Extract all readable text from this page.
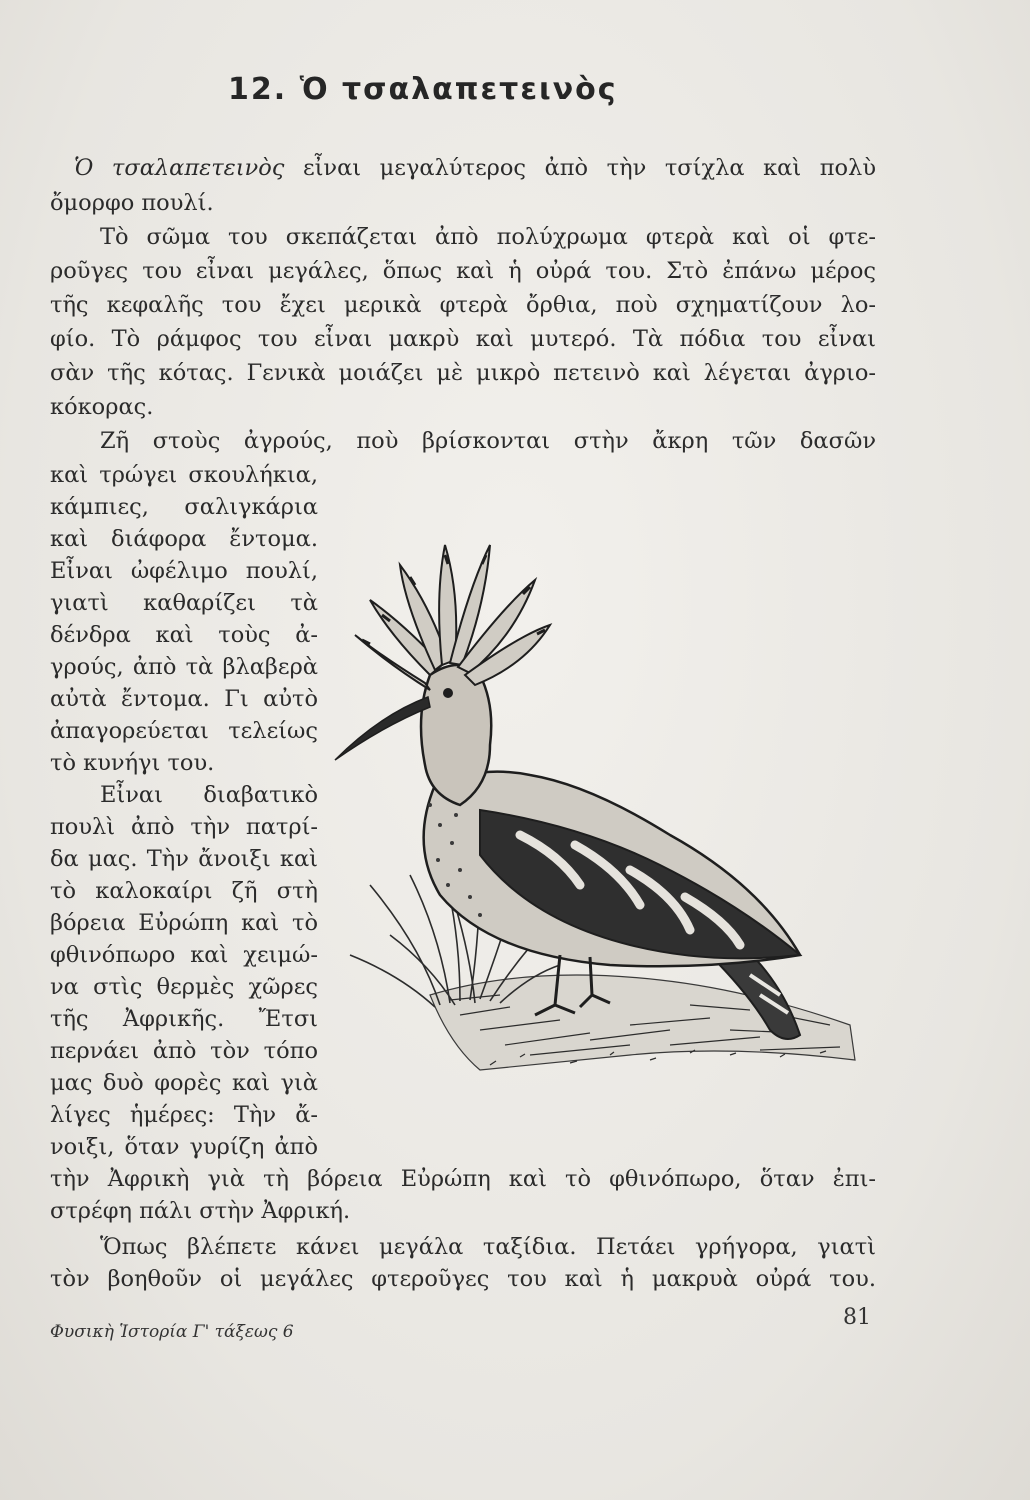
12. Ὁ τσαλαπετεινὸς
Ὁ τσαλαπετεινὸς εἶναι μεγαλύτερος ἀπὸ τὴν τσίχλα καὶ πολὺ
ὄμορφο πουλί.
Τὸ σῶμα του σκεπάζεται ἀπὸ πολύχρωμα φτερὰ καὶ οἱ φτε-
ροῦγες του εἶναι μεγάλες, ὅπως καὶ ἡ οὐρά του. Στὸ ἐπάνω μέρος
τῆς κεφαλῆς του ἔχει μερικὰ φτερὰ ὄρθια, ποὺ σχηματίζουν λο-
φίο. Τὸ ράμφος του εἶναι μακρὺ καὶ μυτερό. Τὰ πόδια του εἶναι
σὰν τῆς κότας. Γενικὰ μοιάζει μὲ μικρὸ πετεινὸ καὶ λέγεται ἀγριο-
κόκορας.
Ζῆ στοὺς ἀγρούς, ποὺ βρίσκονται στὴν ἄκρη τῶν δασῶν
καὶ τρώγει σκουλήκια,
κάμπιες, σαλιγκάρια
καὶ διάφορα ἔντομα.
Εἶναι ὠφέλιμο πουλί,
γιατὶ καθαρίζει τὰ
δένδρα καὶ τοὺς ἀ-
γρούς, ἀπὸ τὰ βλαβερὰ
αὐτὰ ἔντομα. Γι αὐτὸ
ἀπαγορεύεται τελείως
τὸ κυνήγι του.
Εἶναι διαβατικὸ
πουλὶ ἀπὸ τὴν πατρί-
δα μας. Τὴν ἄνοιξι καὶ
τὸ καλοκαίρι ζῆ στὴ
βόρεια Εὐρώπη καὶ τὸ
φθινόπωρο καὶ χειμώ-
να στὶς θερμὲς χῶρες
τῆς Ἀφρικῆς. Ἔτσι
περνάει ἀπὸ τὸν τόπο
μας δυὸ φορὲς καὶ γιὰ
λίγες ἡμέρες: Τὴν ἄ-
νοιξι, ὅταν γυρίζη ἀπὸ
τὴν Ἀφρικὴ γιὰ τὴ βόρεια Εὐρώπη καὶ τὸ φθινόπωρο, ὅταν ἐπι-
στρέφη πάλι στὴν Ἀφρική.
Ὅπως βλέπετε κάνει μεγάλα ταξίδια. Πετάει γρήγορα, γιατὶ
τὸν βοηθοῦν οἱ μεγάλες φτεροῦγες του καὶ ἡ μακρυὰ οὐρά του.
Φυσικὴ Ἱστορία Γ' τάξεως 6
81
